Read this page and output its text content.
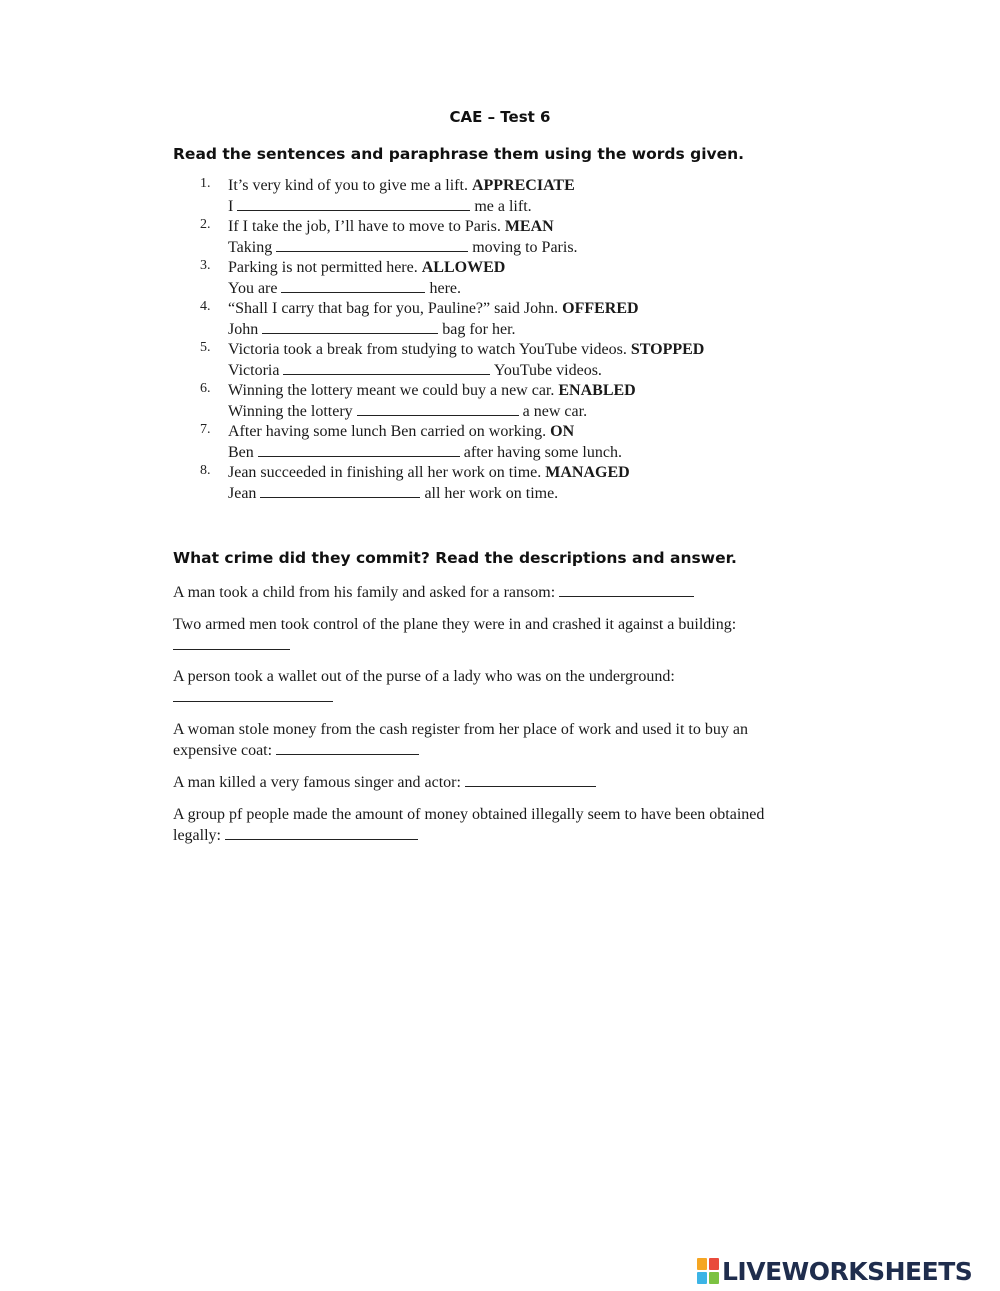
CAE – Test 6
Read the sentences and paraphrase them using the words given.
1.	It’s very kind of you to give me a lift. APPRECIATE
I	me a lift.
2.	If I take the job, I’ll have to move to Paris. MEAN
Taking	moving to Paris.
3.	Parking is not permitted here. ALLOWED
You are	here.
4.	“Shall I carry that bag for you, Pauline?” said John. OFFERED
John	bag for her.
5.	Victoria took a break from studying to watch YouTube videos. STOPPED
Victoria	YouTube videos.
6.	Winning the lottery meant we could buy a new car. ENABLED
Winning the lottery	a new car.
7.	After having some lunch Ben carried on working. ON
Ben	after having some lunch.
8.	Jean succeeded in finishing all her work on time. MANAGED
Jean	all her work on time.
What crime did they commit? Read the descriptions and answer.
A man took a child from his family and asked for a ransom:
Two armed men took control of the plane they were in and crashed it against a building:

A person took a wallet out of the purse of a lady who was on the underground:

A woman stole money from the cash register from her place of work and used it to buy an expensive coat:
A man killed a very famous singer and actor:
A group pf people made the amount of money obtained illegally seem to have been obtained legally:
LIVEWORKSHEETS
